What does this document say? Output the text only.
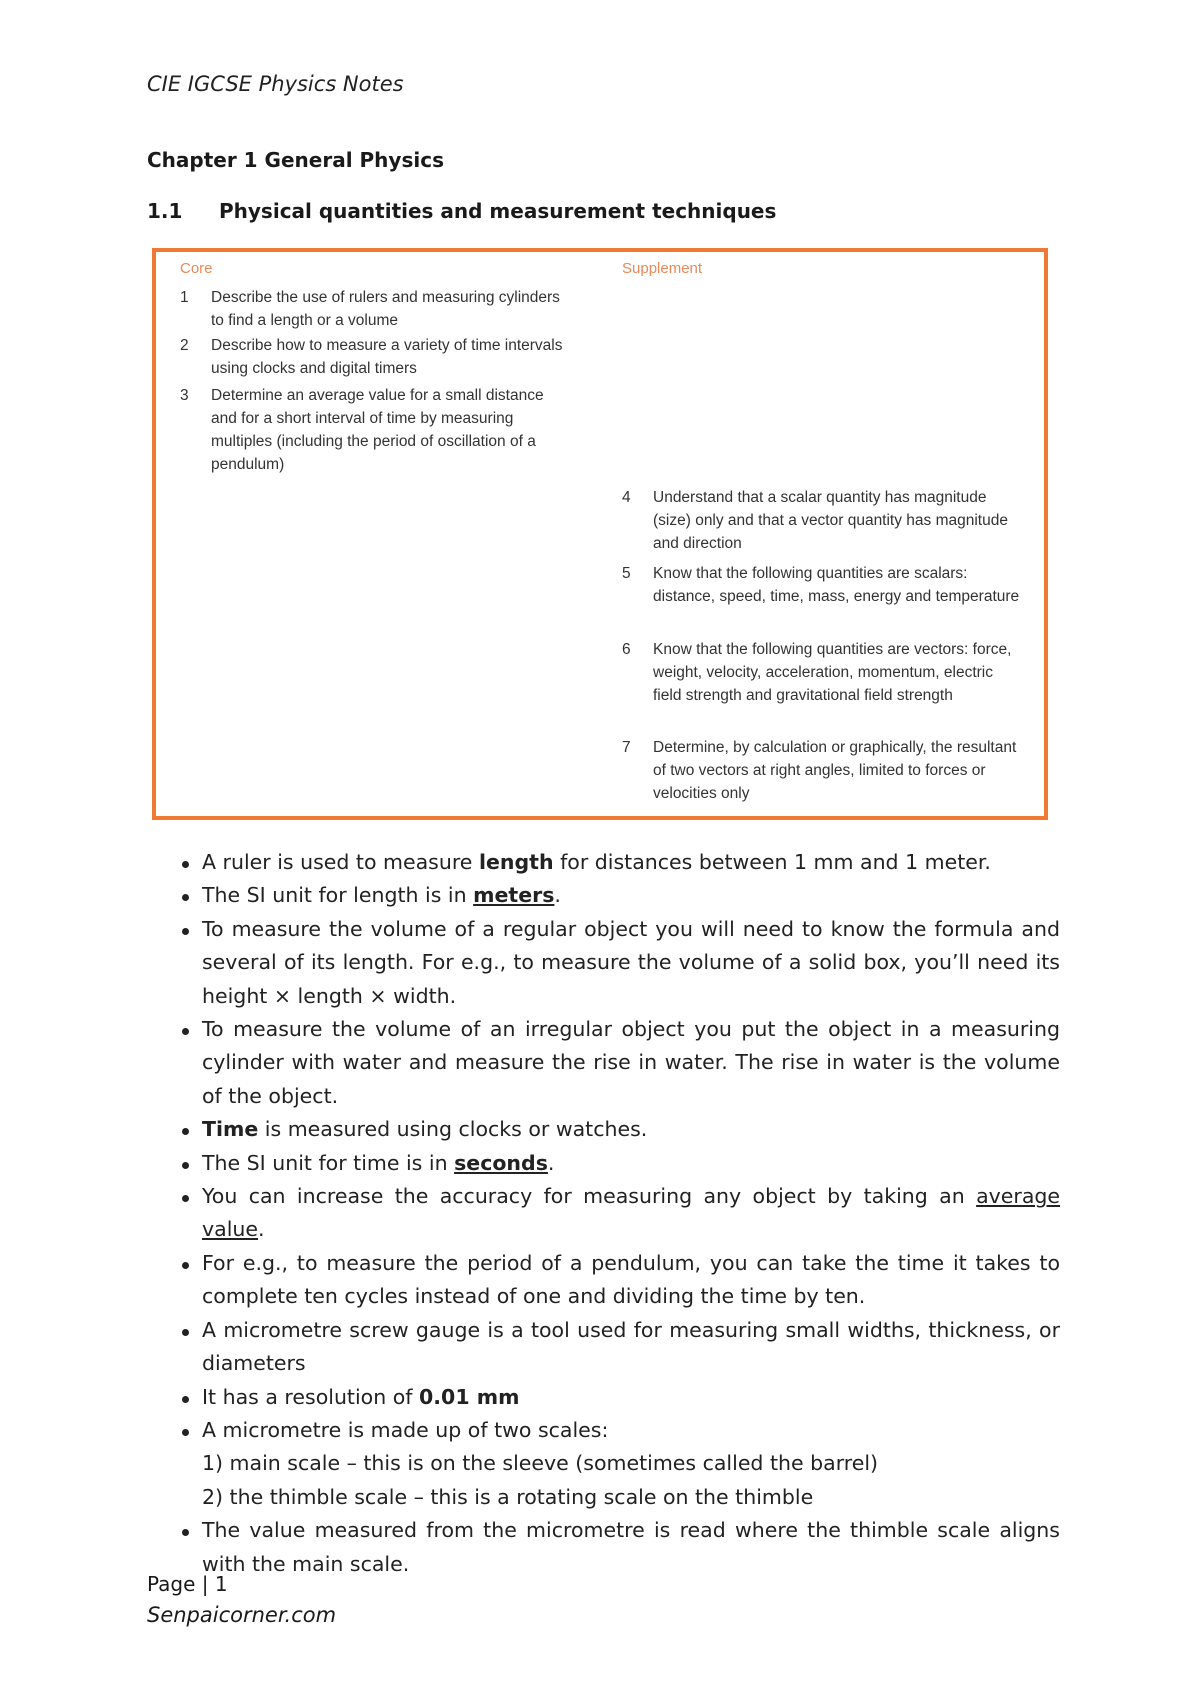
CIE IGCSE Physics Notes
Chapter 1 General Physics
1.1 Physical quantities and measurement techniques
Core	Supplement
1 Describe the use of rulers and measuring cylinders to find a length or a volume
2 Describe how to measure a variety of time intervals using clocks and digital timers
3 Determine an average value for a small distance and for a short interval of time by measuring multiples (including the period of oscillation of a pendulum)
4 Understand that a scalar quantity has magnitude (size) only and that a vector quantity has magnitude and direction
5 Know that the following quantities are scalars: distance, speed, time, mass, energy and temperature
6 Know that the following quantities are vectors: force, weight, velocity, acceleration, momentum, electric field strength and gravitational field strength
7 Determine, by calculation or graphically, the resultant of two vectors at right angles, limited to forces or velocities only
A ruler is used to measure length for distances between 1 mm and 1 meter.
The SI unit for length is in meters.
To measure the volume of a regular object you will need to know the formula and several of its length. For e.g., to measure the volume of a solid box, you’ll need its height × length × width.
To measure the volume of an irregular object you put the object in a measuring cylinder with water and measure the rise in water. The rise in water is the volume of the object.
Time is measured using clocks or watches.
The SI unit for time is in seconds.
You can increase the accuracy for measuring any object by taking an average value.
For e.g., to measure the period of a pendulum, you can take the time it takes to complete ten cycles instead of one and dividing the time by ten.
A micrometre screw gauge is a tool used for measuring small widths, thickness, or diameters
It has a resolution of 0.01 mm
A micrometre is made up of two scales:
1) main scale – this is on the sleeve (sometimes called the barrel)
2) the thimble scale – this is a rotating scale on the thimble
The value measured from the micrometre is read where the thimble scale aligns with the main scale.
Page | 1
Senpaicorner.com
